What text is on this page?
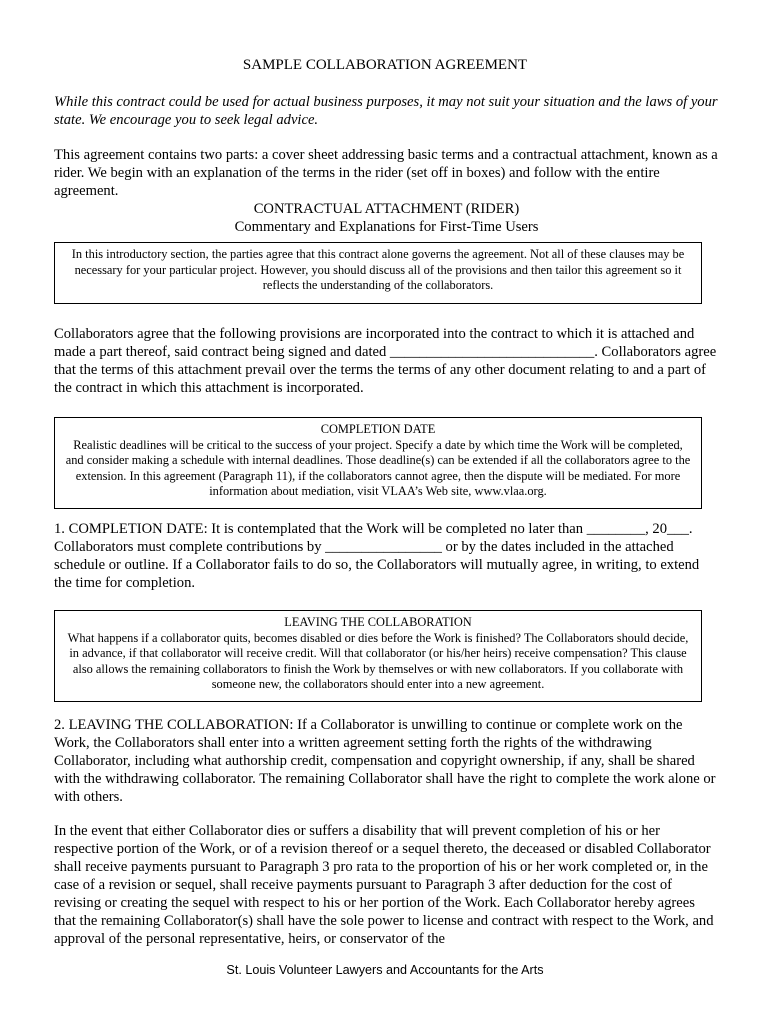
SAMPLE COLLABORATION AGREEMENT
While this contract could be used for actual business purposes, it may not suit your situation and the laws of your state. We encourage you to seek legal advice.
This agreement contains two parts: a cover sheet addressing basic terms and a contractual attachment, known as a rider. We begin with an explanation of the terms in the rider (set off in boxes) and follow with the entire agreement.
CONTRACTUAL ATTACHMENT (RIDER)
Commentary and Explanations for First-Time Users
In this introductory section, the parties agree that this contract alone governs the agreement. Not all of these clauses may be necessary for your particular project. However, you should discuss all of the provisions and then tailor this agreement so it reflects the understanding of the collaborators.
Collaborators agree that the following provisions are incorporated into the contract to which it is attached and made a part thereof, said contract being signed and dated ____________________________. Collaborators agree that the terms of this attachment prevail over the terms the terms of any other document relating to and a part of the contract in which this attachment is incorporated.
COMPLETION DATE
Realistic deadlines will be critical to the success of your project. Specify a date by which time the Work will be completed, and consider making a schedule with internal deadlines. Those deadline(s) can be extended if all the collaborators agree to the extension. In this agreement (Paragraph 11), if the collaborators cannot agree, then the dispute will be mediated. For more information about mediation, visit VLAA’s Web site, www.vlaa.org.
1. COMPLETION DATE: It is contemplated that the Work will be completed no later than ________, 20___. Collaborators must complete contributions by ________________ or by the dates included in the attached schedule or outline. If a Collaborator fails to do so, the Collaborators will mutually agree, in writing, to extend the time for completion.
LEAVING THE COLLABORATION
What happens if a collaborator quits, becomes disabled or dies before the Work is finished? The Collaborators should decide, in advance, if that collaborator will receive credit. Will that collaborator (or his/her heirs) receive compensation? This clause also allows the remaining collaborators to finish the Work by themselves or with new collaborators. If you collaborate with someone new, the collaborators should enter into a new agreement.
2. LEAVING THE COLLABORATION: If a Collaborator is unwilling to continue or complete work on the Work, the Collaborators shall enter into a written agreement setting forth the rights of the withdrawing Collaborator, including what authorship credit, compensation and copyright ownership, if any, shall be shared with the withdrawing collaborator. The remaining Collaborator shall have the right to complete the work alone or with others.
In the event that either Collaborator dies or suffers a disability that will prevent completion of his or her respective portion of the Work, or of a revision thereof or a sequel thereto, the deceased or disabled Collaborator shall receive payments pursuant to Paragraph 3 pro rata to the proportion of his or her work completed or, in the case of a revision or sequel, shall receive payments pursuant to Paragraph 3 after deduction for the cost of revising or creating the sequel with respect to his or her portion of the Work. Each Collaborator hereby agrees that the remaining Collaborator(s) shall have the sole power to license and contract with respect to the Work, and approval of the personal representative, heirs, or conservator of the
St. Louis Volunteer Lawyers and Accountants for the Arts
